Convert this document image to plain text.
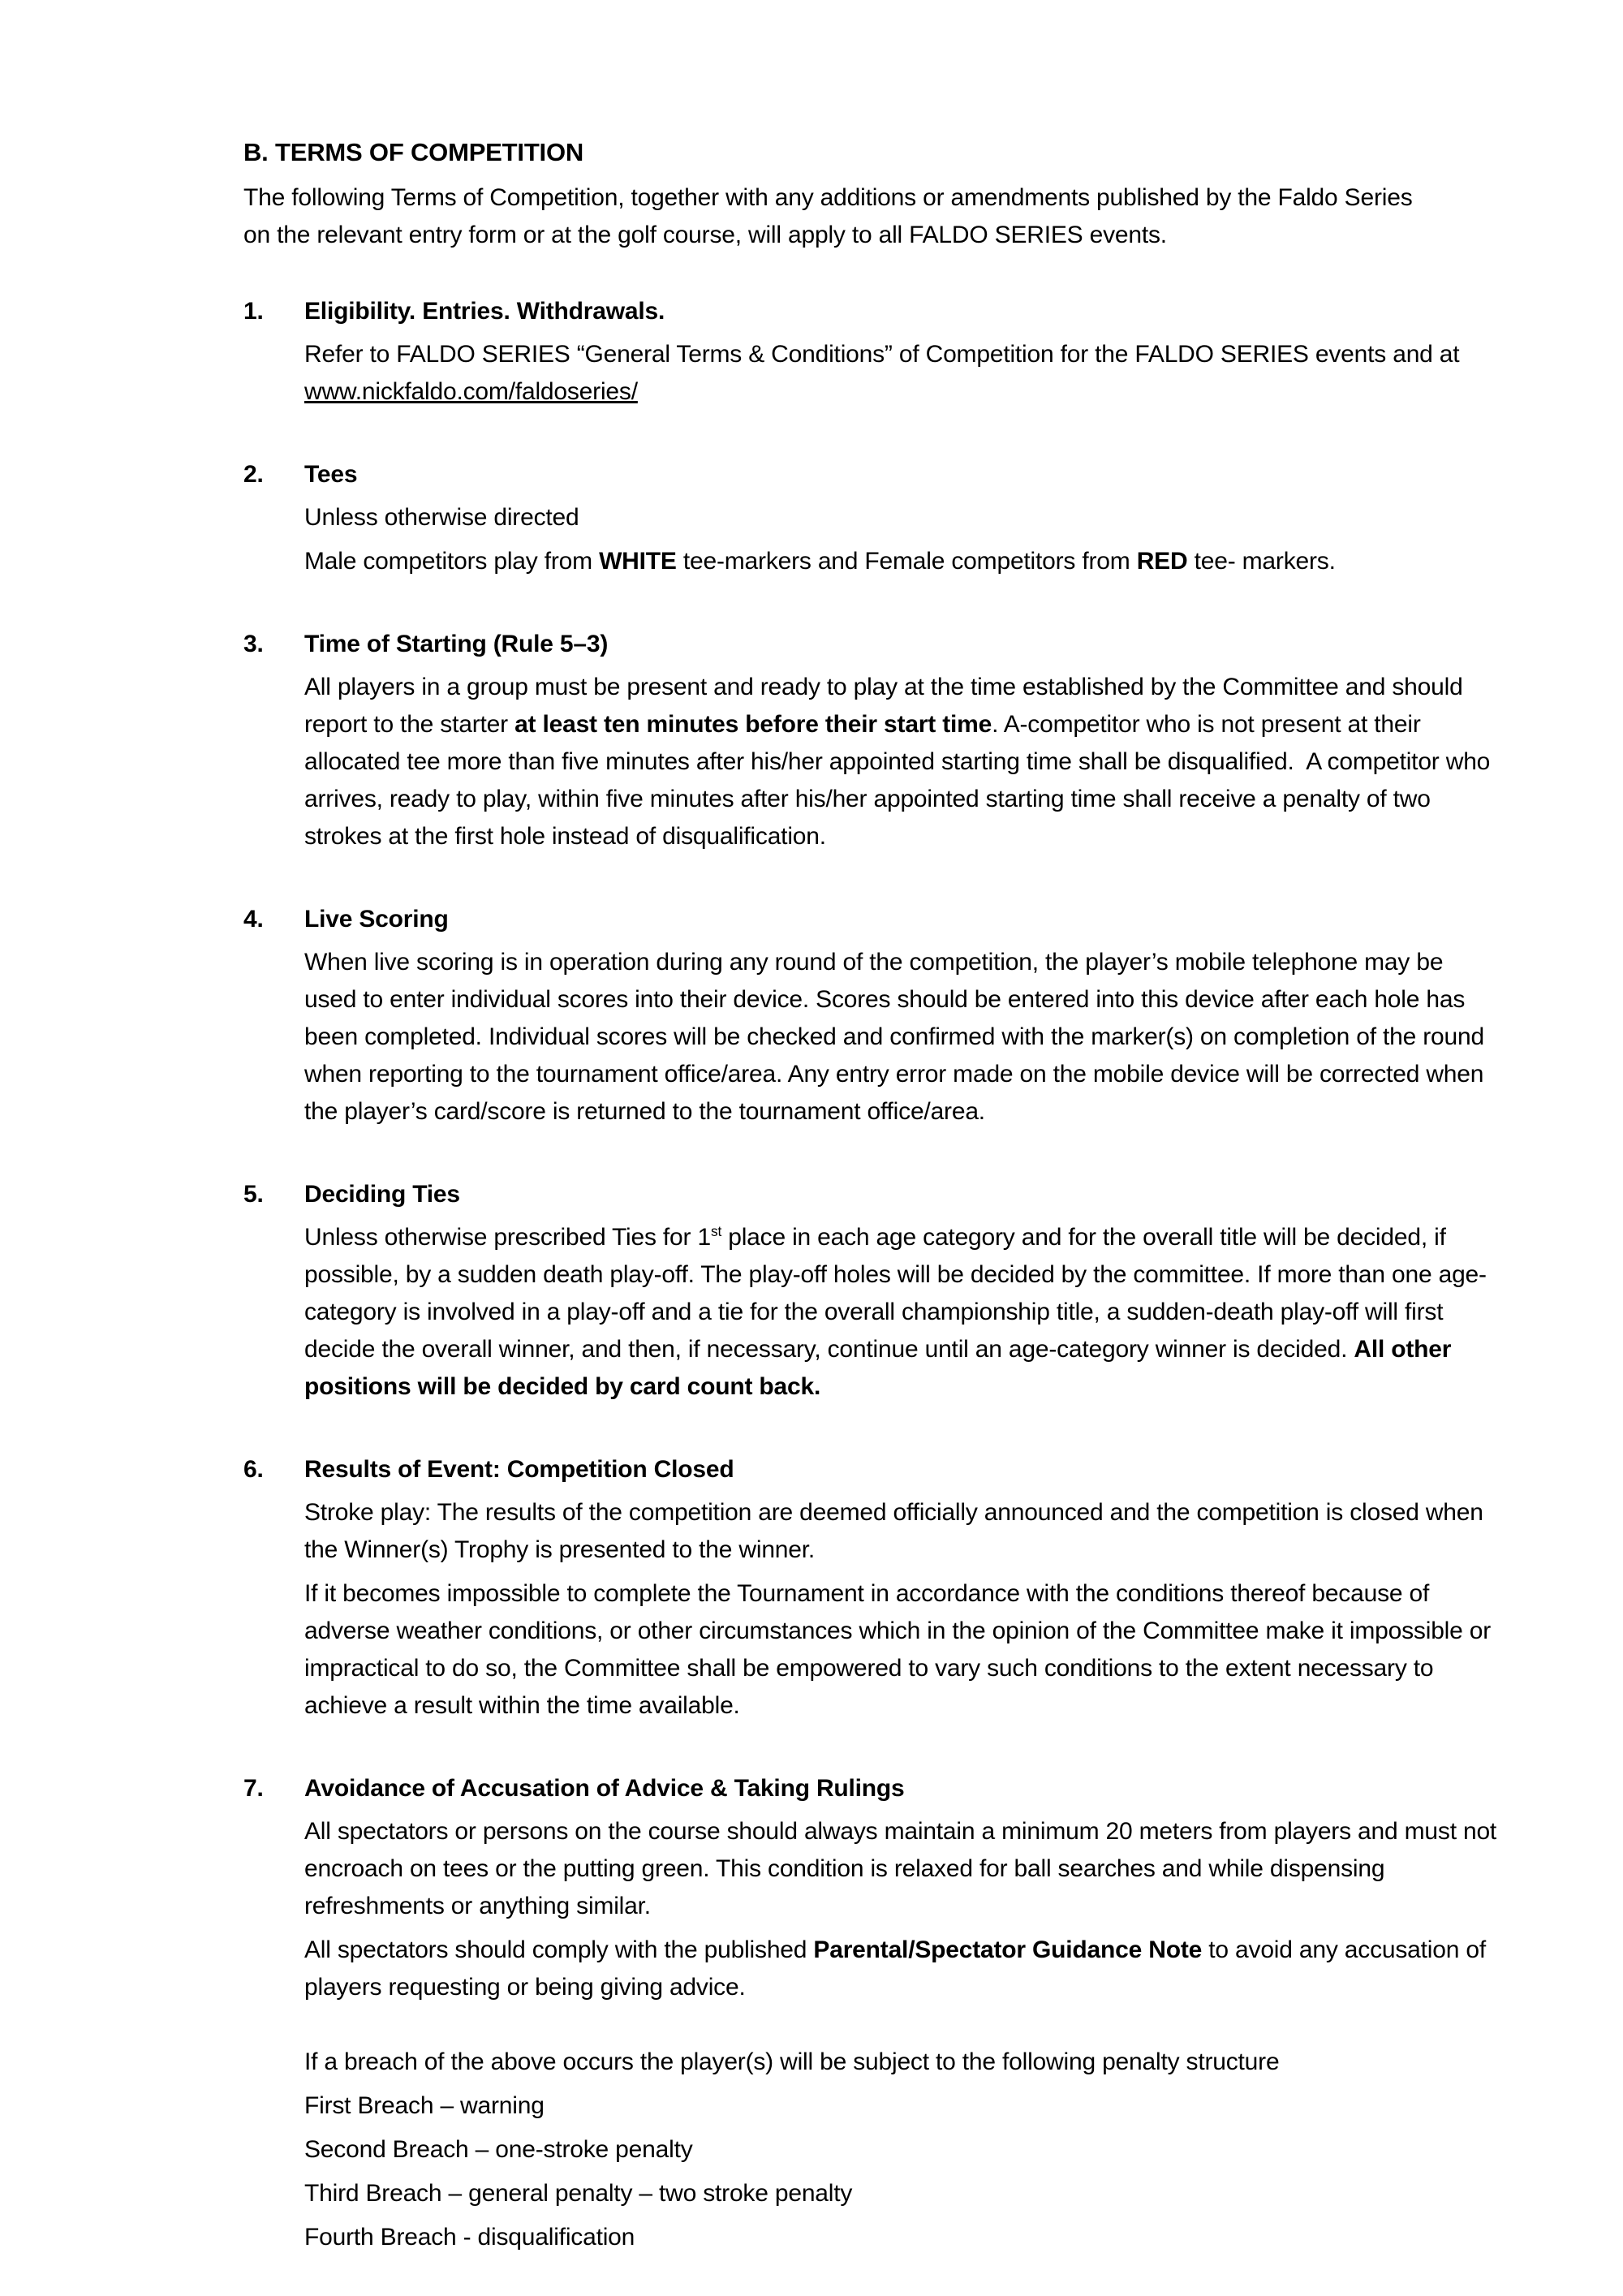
B. TERMS OF COMPETITION

The following Terms of Competition, together with any additions or amendments published by the Faldo Series on the relevant entry form or at the golf course, will apply to all FALDO SERIES events.

1.	Eligibility. Entries. Withdrawals.

Refer to FALDO SERIES “General Terms & Conditions” of Competition for the FALDO SERIES events and at www.nickfaldo.com/faldoseries/

2.	Tees

Unless otherwise directed

Male competitors play from WHITE tee-markers and Female competitors from RED tee- markers.

3.	Time of Starting (Rule 5–3)

All players in a group must be present and ready to play at the time established by the Committee and should report to the starter at least ten minutes before their start time. A-competitor who is not present at their allocated tee more than five minutes after his/her appointed starting time shall be disqualified.  A competitor who arrives, ready to play, within five minutes after his/her appointed starting time shall receive a penalty of two strokes at the first hole instead of disqualification.

4.	Live Scoring

When live scoring is in operation during any round of the competition, the player’s mobile telephone may be used to enter individual scores into their device. Scores should be entered into this device after each hole has been completed. Individual scores will be checked and confirmed with the marker(s) on completion of the round when reporting to the tournament office/area. Any entry error made on the mobile device will be corrected when the player’s card/score is returned to the tournament office/area.

5.	Deciding Ties

Unless otherwise prescribed Ties for 1st place in each age category and for the overall title will be decided, if possible, by a sudden death play-off. The play-off holes will be decided by the committee. If more than one age-category is involved in a play-off and a tie for the overall championship title, a sudden-death play-off will first decide the overall winner, and then, if necessary, continue until an age-category winner is decided. All other positions will be decided by card count back.

6.	Results of Event: Competition Closed

Stroke play: The results of the competition are deemed officially announced and the competition is closed when the Winner(s) Trophy is presented to the winner.

If it becomes impossible to complete the Tournament in accordance with the conditions thereof because of adverse weather conditions, or other circumstances which in the opinion of the Committee make it impossible or impractical to do so, the Committee shall be empowered to vary such conditions to the extent necessary to achieve a result within the time available.

7.	Avoidance of Accusation of Advice & Taking Rulings

All spectators or persons on the course should always maintain a minimum 20 meters from players and must not encroach on tees or the putting green. This condition is relaxed for ball searches and while dispensing refreshments or anything similar.

All spectators should comply with the published Parental/Spectator Guidance Note to avoid any accusation of players requesting or being giving advice.

If a breach of the above occurs the player(s) will be subject to the following penalty structure

First Breach – warning

Second Breach – one-stroke penalty

Third Breach – general penalty – two stroke penalty

Fourth Breach - disqualification
